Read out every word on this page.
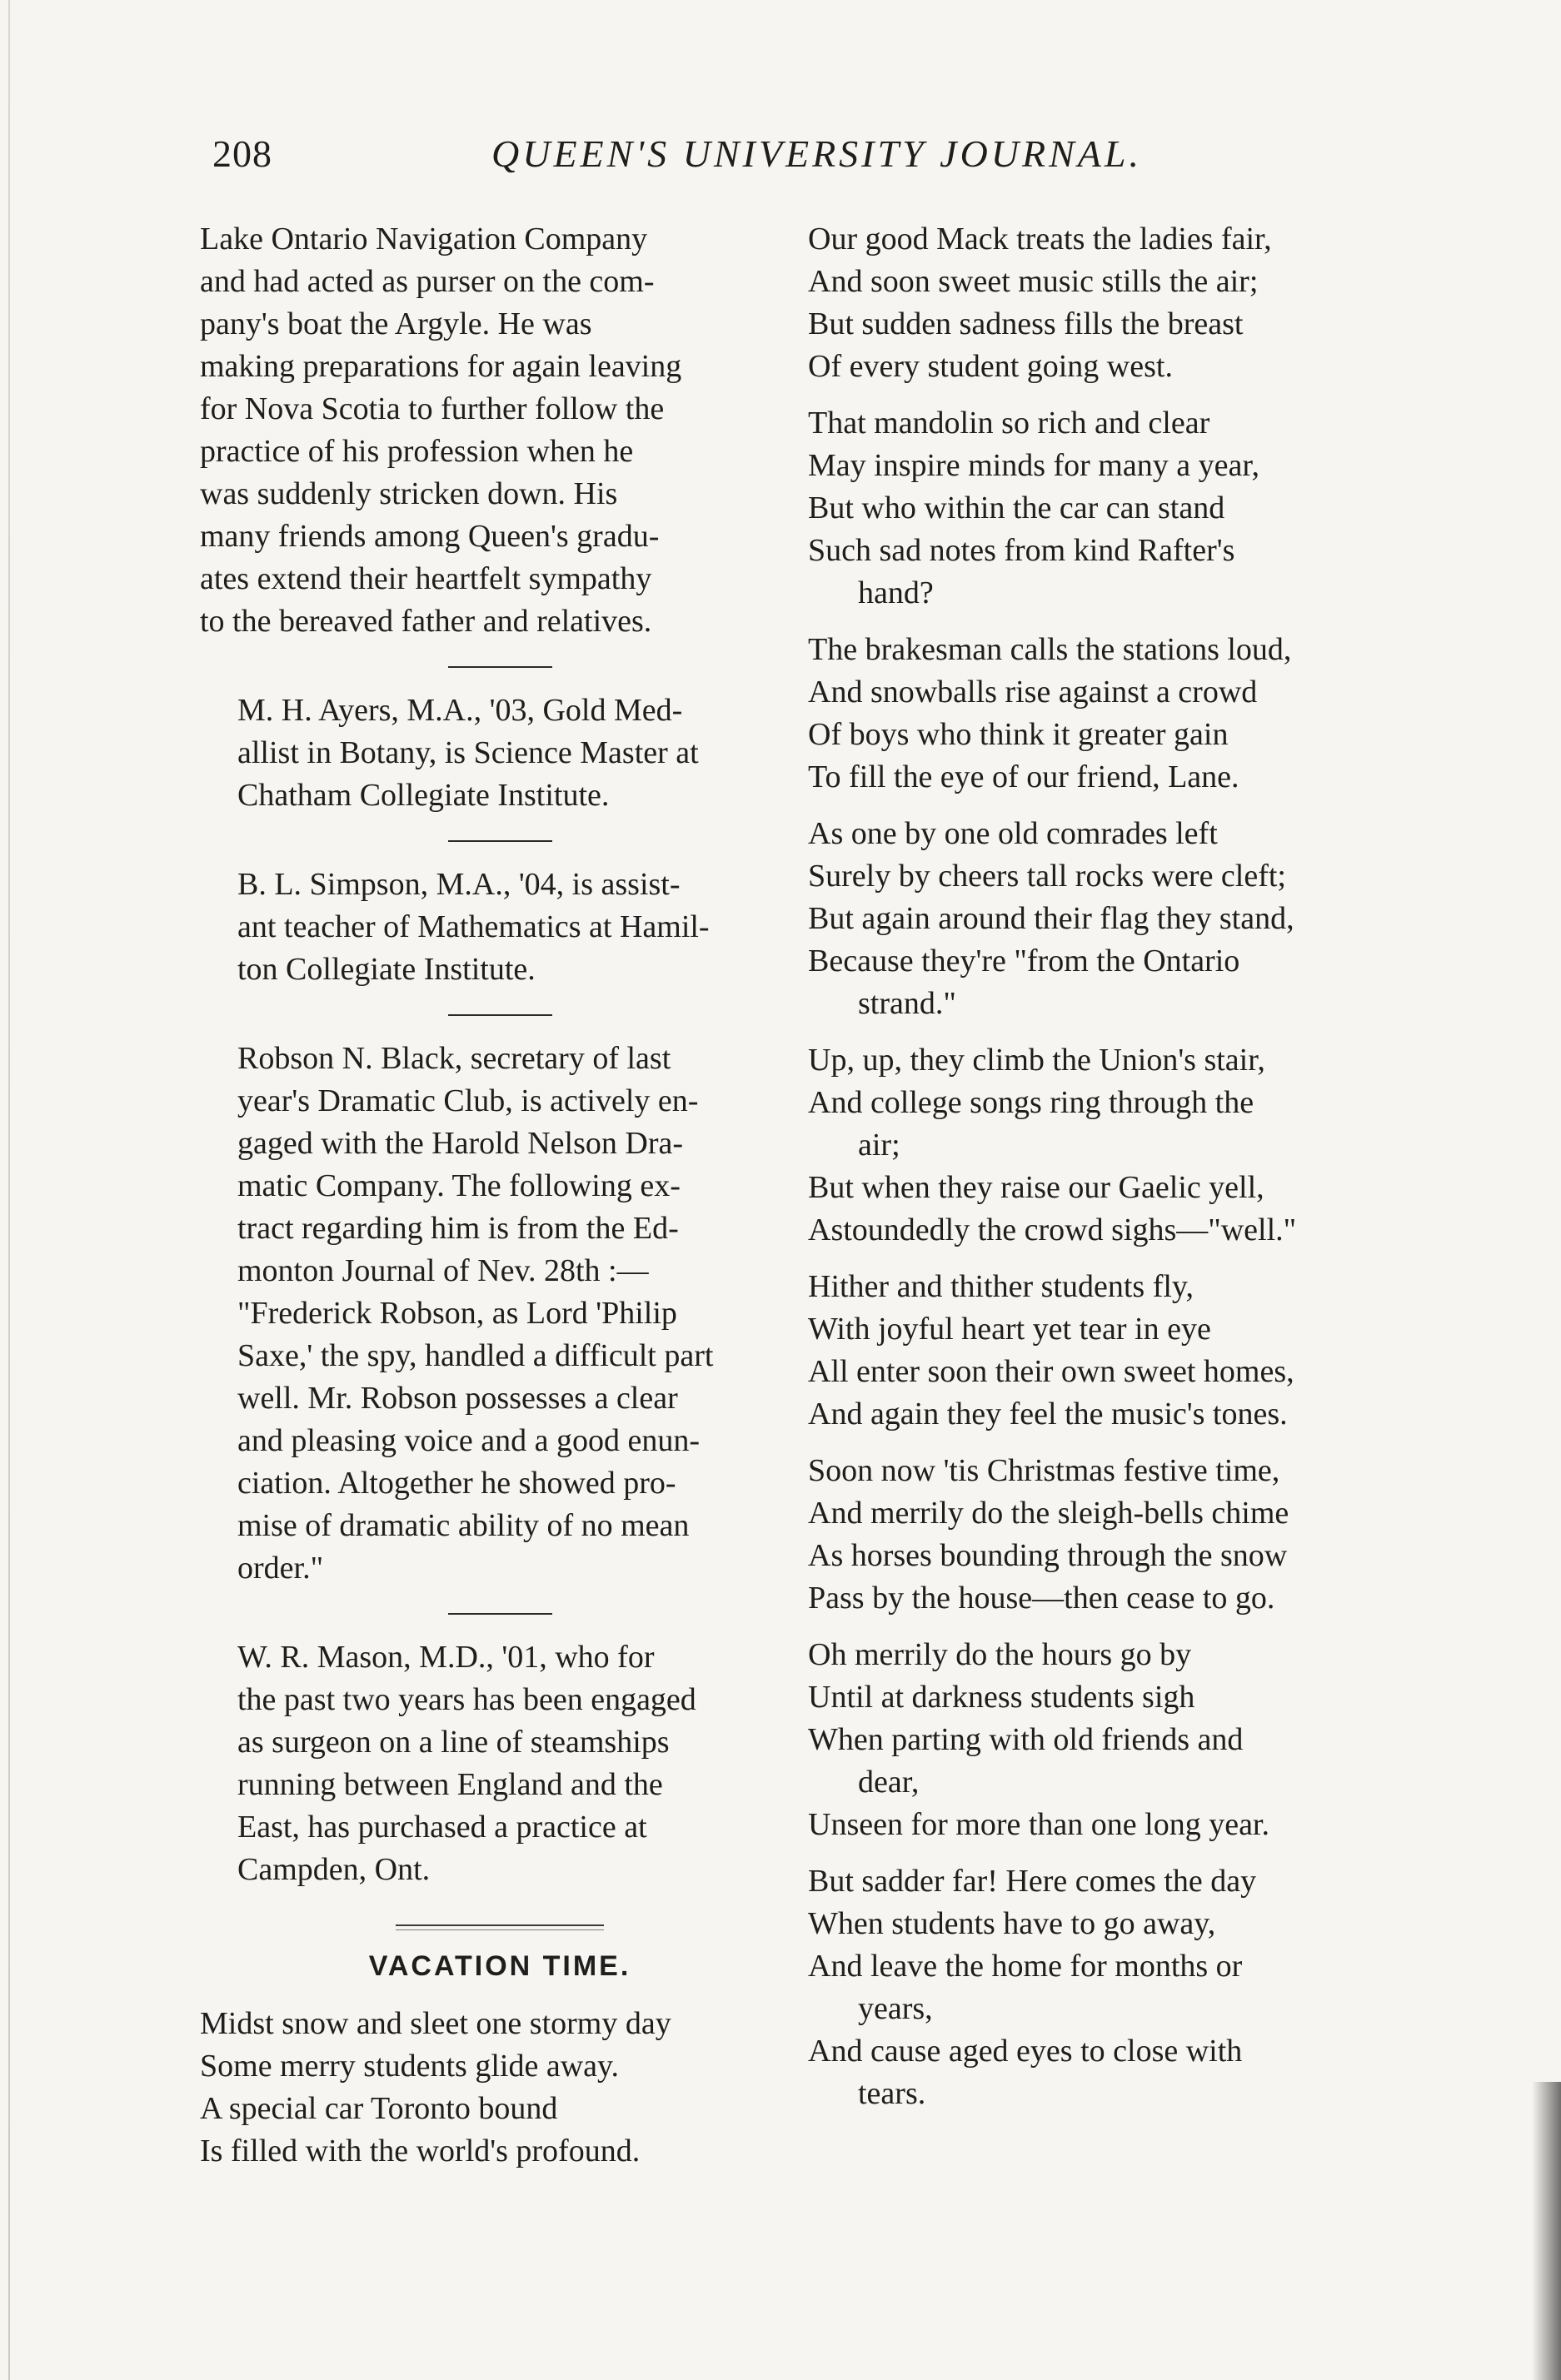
208	QUEEN'S UNIVERSITY JOURNAL.

Lake Ontario Navigation Company
and had acted as purser on the com-
pany's boat the Argyle. He was
making preparations for again leaving
for Nova Scotia to further follow the
practice of his profession when he
was suddenly stricken down. His
many friends among Queen's gradu-
ates extend their heartfelt sympathy
to the bereaved father and relatives.

M. H. Ayers, M.A., '03, Gold Med-
allist in Botany, is Science Master at
Chatham Collegiate Institute.

B. L. Simpson, M.A., '04, is assist-
ant teacher of Mathematics at Hamil-
ton Collegiate Institute.

Robson N. Black, secretary of last
year's Dramatic Club, is actively en-
gaged with the Harold Nelson Dra-
matic Company. The following ex-
tract regarding him is from the Ed-
monton Journal of Nev. 28th :—

"Frederick Robson, as Lord 'Philip
Saxe,' the spy, handled a difficult part
well. Mr. Robson possesses a clear
and pleasing voice and a good enun-
ciation. Altogether he showed pro-
mise of dramatic ability of no mean
order."

W. R. Mason, M.D., '01, who for
the past two years has been engaged
as surgeon on a line of steamships
running between England and the
East, has purchased a practice at
Campden, Ont.

VACATION TIME.
Midst snow and sleet one stormy day
Some merry students glide away.
A special car Toronto bound
Is filled with the world's profound.
Our good Mack treats the ladies fair,
And soon sweet music stills the air;
But sudden sadness fills the breast
Of every student going west.
That mandolin so rich and clear
May inspire minds for many a year,
But who within the car can stand
Such sad notes from kind Rafter's
hand?
The brakesman calls the stations loud,
And snowballs rise against a crowd
Of boys who think it greater gain
To fill the eye of our friend, Lane.
As one by one old comrades left
Surely by cheers tall rocks were cleft;
But again around their flag they stand,
Because they're "from the Ontario
strand."
Up, up, they climb the Union's stair,
And college songs ring through the
air;
But when they raise our Gaelic yell,
Astoundedly the crowd sighs—"well."
Hither and thither students fly,
With joyful heart yet tear in eye
All enter soon their own sweet homes,
And again they feel the music's tones.
Soon now 'tis Christmas festive time,
And merrily do the sleigh-bells chime
As horses bounding through the snow
Pass by the house—then cease to go.
Oh merrily do the hours go by
Until at darkness students sigh
When parting with old friends and
dear,
Unseen for more than one long year.
But sadder far! Here comes the day
When students have to go away,
And leave the home for months or
years,
And cause aged eyes to close with
tears.
